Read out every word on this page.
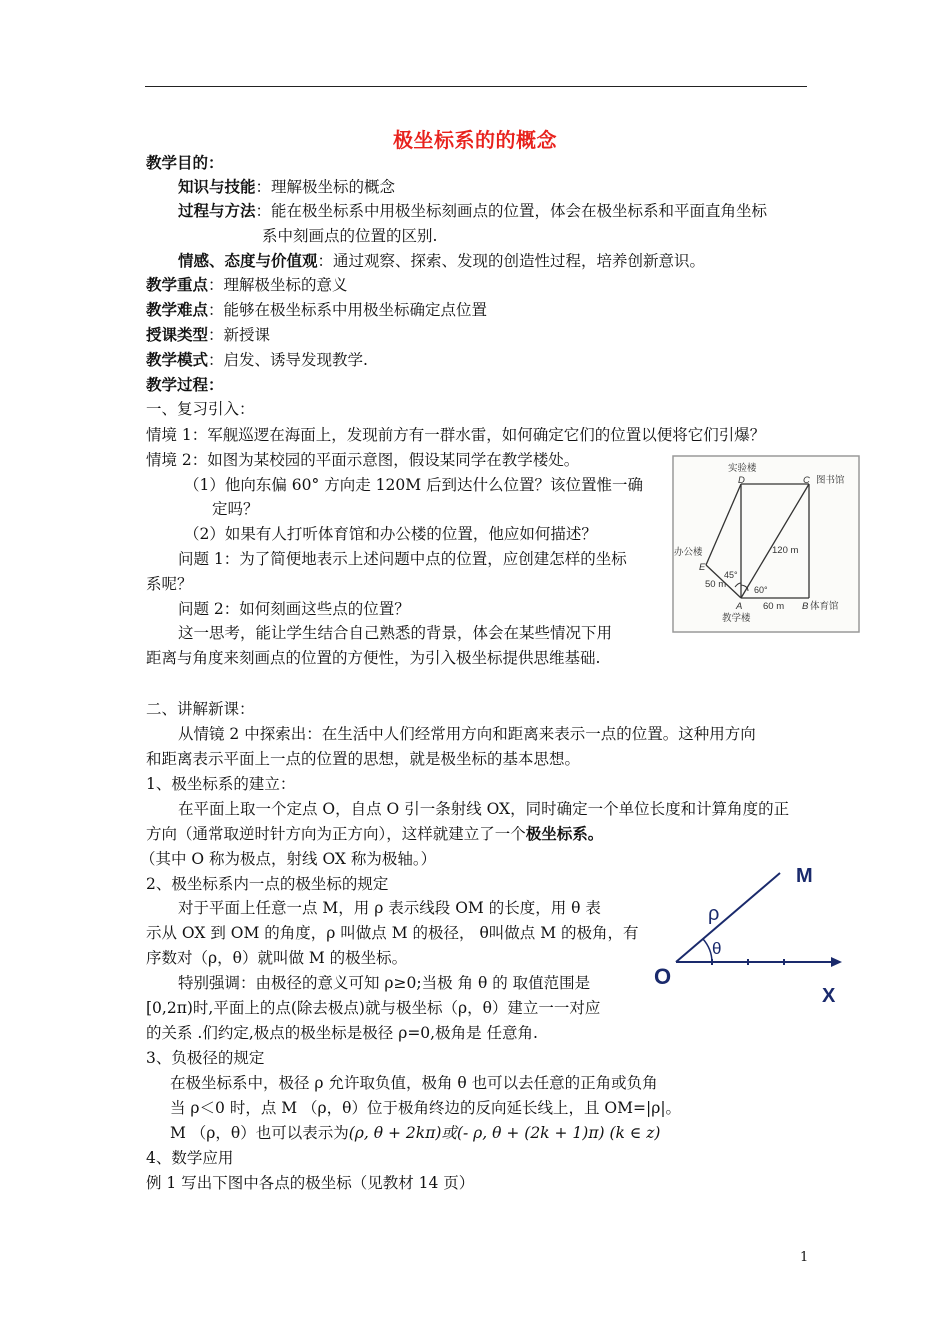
极坐标系的的概念
教学目的：
知识与技能：理解极坐标的概念
过程与方法：能在极坐标系中用极坐标刻画点的位置，体会在极坐标系和平面直角坐标
系中刻画点的位置的区别.
情感、态度与价值观：通过观察、探索、发现的创造性过程，培养创新意识。
教学重点：理解极坐标的意义
教学难点：能够在极坐标系中用极坐标确定点位置
授课类型：新授课
教学模式：启发、诱导发现教学.
教学过程：
一、复习引入：
情境 1：军舰巡逻在海面上，发现前方有一群水雷，如何确定它们的位置以便将它们引爆？
情境 2：如图为某校园的平面示意图，假设某同学在教学楼处。
（1）他向东偏 60° 方向走 120M 后到达什么位置？该位置惟一确
定吗？
（2）如果有人打听体育馆和办公楼的位置，他应如何描述？
问题 1：为了简便地表示上述问题中点的位置，应创建怎样的坐标
系呢？
问题 2：如何刻画这些点的位置？
这一思考，能让学生结合自己熟悉的背景，体会在某些情况下用
距离与角度来刻画点的位置的方便性，为引入极坐标提供思维基础.
实验楼
D	C 图书馆
办公楼
E
120 m
45°
50 m	60°
A 60 m B 体育馆
教学楼
二、讲解新课：
从情镜 2 中探索出：在生活中人们经常用方向和距离来表示一点的位置。这种用方向
和距离表示平面上一点的位置的思想，就是极坐标的基本思想。
1、极坐标系的建立：
在平面上取一个定点 O，自点 O 引一条射线 OX，同时确定一个单位长度和计算角度的正
方向（通常取逆时针方向为正方向），这样就建立了一个极坐标系。
（其中 O 称为极点，射线 OX 称为极轴。）
2、极坐标系内一点的极坐标的规定
对于平面上任意一点 M，用 ρ 表示线段 OM 的长度，用 θ 表
示从 OX 到 OM 的角度，ρ 叫做点 M 的极径， θ叫做点 M 的极角，有
序数对（ρ，θ）就叫做 M 的极坐标。
特别强调：由极径的意义可知 ρ≥0;当极 角 θ 的 取值范围是
[0,2π)时,平面上的点(除去极点)就与极坐标（ρ，θ）建立一一对应
的关系 .们约定,极点的极坐标是极径 ρ=0,极角是 任意角.
O
M
X
ρ
θ
3、负极径的规定
在极坐标系中，极径 ρ 允许取负值，极角 θ 也可以去任意的正角或负角
当 ρ＜0 时，点 M （ρ，θ）位于极角终边的反向延长线上，且 OM=|ρ|。
M （ρ，θ）也可以表示为(ρ, θ + 2kπ)或(- ρ, θ + (2k + 1)π) (k ∈ z)
4、数学应用
例 1 写出下图中各点的极坐标（见教材 14 页）
1
